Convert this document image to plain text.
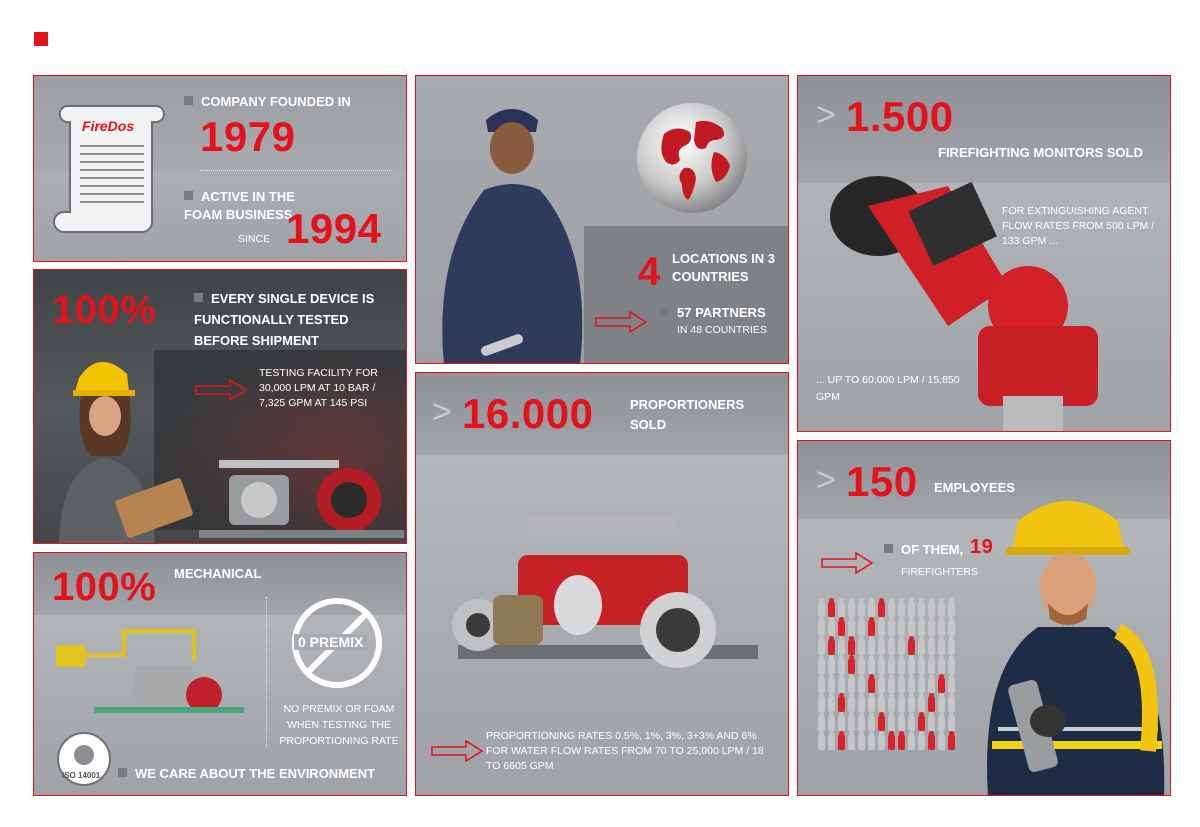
FireDos
COMPANY FOUNDED IN
1979
ACTIVE IN THE FOAM BUSINESS
SINCE 1994
100%	EVERY SINGLE DEVICE IS FUNCTIONALLY TESTED BEFORE SHIPMENT
TESTING FACILITY FOR 30,000 LPM AT 10 BAR / 7,325 GPM AT 145 PSI
100% MECHANICAL
0 PREMIX
NO PREMIX OR FOAM WHEN TESTING THE PROPORTIONING RATE
ISO 14001	WE CARE ABOUT THE ENVIRONMENT
4 LOCATIONS IN 3 COUNTRIES
57 PARTNERS
IN 48 COUNTRIES
> 16.000	PROPORTIONERS SOLD
PROPORTIONING RATES 0.5%, 1%, 3%, 3+3% AND 6% FOR WATER FLOW RATES FROM 70 TO 25,000 LPM / 18 TO 6605 GPM
> 1.500
FIREFIGHTING MONITORS SOLD
FOR EXTINGUISHING AGENT FLOW RATES FROM 500 LPM / 133 GPM ...
... UP TO 60,000 LPM / 15,850 GPM
> 150 EMPLOYEES
OF THEM, 19
FIREFIGHTERS
